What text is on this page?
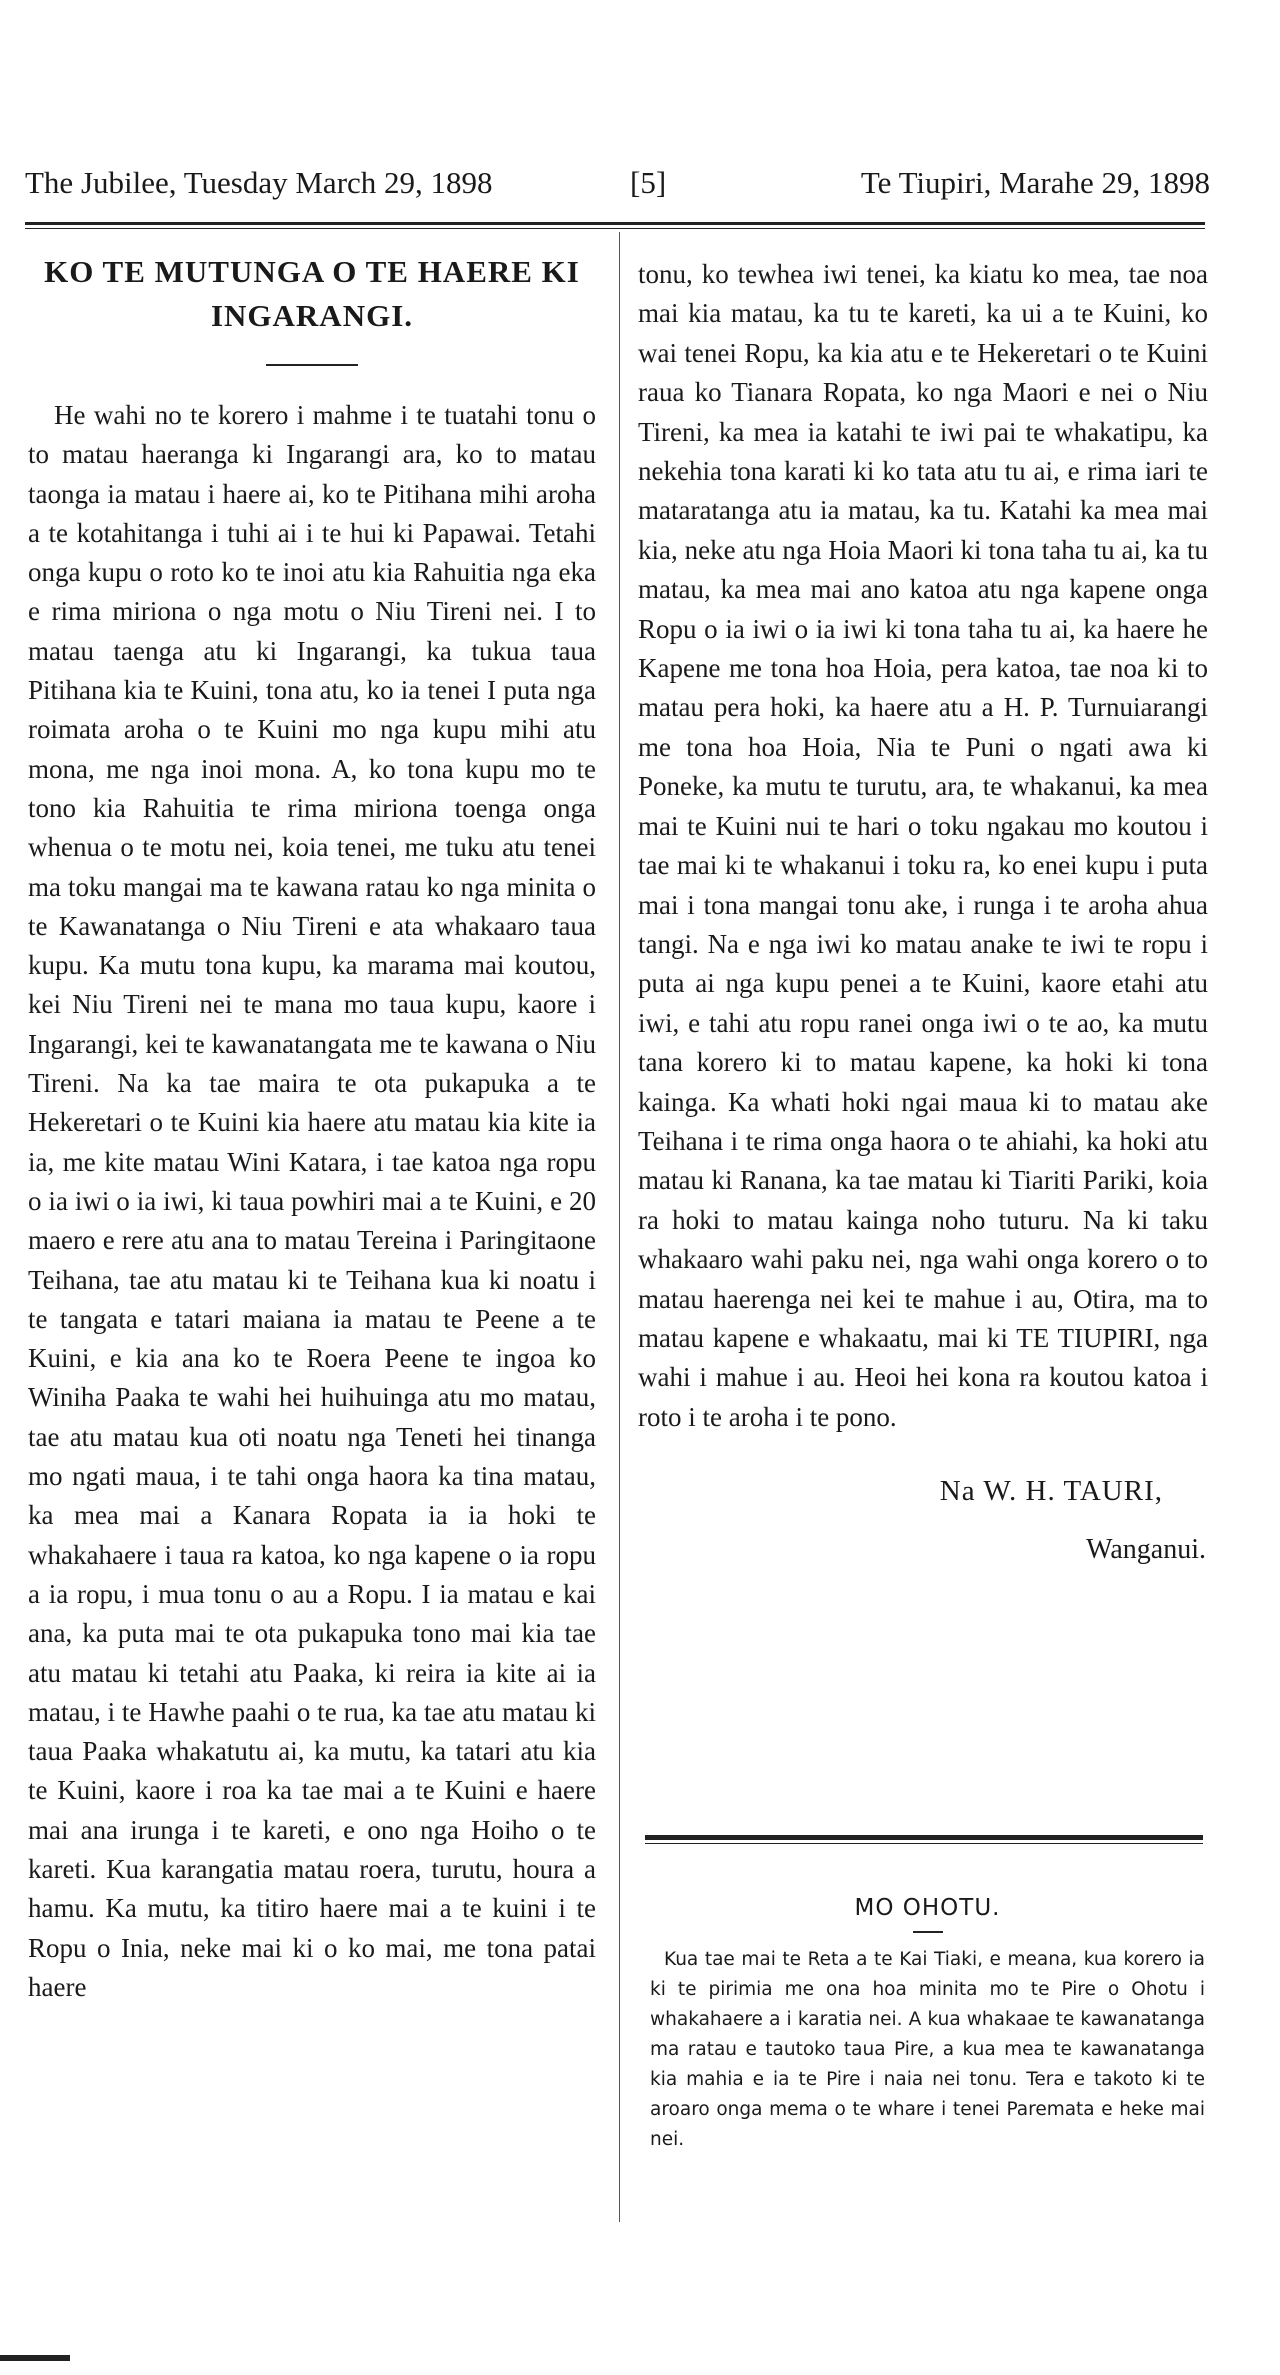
The Jubilee, Tuesday March 29, 1898	[5]	Te Tiupiri, Marahe 29, 1898
KO TE MUTUNGA O TE HAERE KI INGARANGI.

He wahi no te korero i mahme i te tuatahi tonu o to matau haeranga ki Ingarangi ara, ko to matau taonga ia matau i haere ai, ko te Pitihana mihi aroha a te kotahitanga i tuhi ai i te hui ki Papawai. Tetahi onga kupu o roto ko te inoi atu kia Rahuitia nga eka e rima miriona o nga motu o Niu Tireni nei. I to matau taenga atu ki Ingarangi, ka tukua taua Pitihana kia te Kuini, tona atu, ko ia tenei I puta nga roimata aroha o te Kuini mo nga kupu mihi atu mona, me nga inoi mona. A, ko tona kupu mo te tono kia Rahuitia te rima miriona toenga onga whenua o te motu nei, koia tenei, me tuku atu tenei ma toku mangai ma te kawana ratau ko nga minita o te Kawanatanga o Niu Tireni e ata whakaaro taua kupu. Ka mutu tona kupu, ka marama mai koutou, kei Niu Tireni nei te mana mo taua kupu, kaore i Ingarangi, kei te kawanatangata me te kawana o Niu Tireni. Na ka tae maira te ota pukapuka a te Hekeretari o te Kuini kia haere atu matau kia kite ia ia, me kite matau Wini Katara, i tae katoa nga ropu o ia iwi o ia iwi, ki taua powhiri mai a te Kuini, e 20 maero e rere atu ana to matau Tereina i Paringitaone Teihana, tae atu matau ki te Teihana kua ki noatu i te tangata e tatari maiana ia matau te Peene a te Kuini, e kia ana ko te Roera Peene te ingoa ko Winiha Paaka te wahi hei huihuinga atu mo matau, tae atu matau kua oti noatu nga Teneti hei tinanga mo ngati maua, i te tahi onga haora ka tina matau, ka mea mai a Kanara Ropata ia ia hoki te whakahaere i taua ra katoa, ko nga kapene o ia ropu a ia ropu, i mua tonu o au a Ropu. I ia matau e kai ana, ka puta mai te ota pukapuka tono mai kia tae atu matau ki tetahi atu Paaka, ki reira ia kite ai ia matau, i te Hawhe paahi o te rua, ka tae atu matau ki taua Paaka whakatutu ai, ka mutu, ka tatari atu kia te Kuini, kaore i roa ka tae mai a te Kuini e haere mai ana irunga i te kareti, e ono nga Hoiho o te kareti. Kua karangatia matau roera, turutu, houra a hamu. Ka mutu, ka titiro haere mai a te kuini i te Ropu o Inia, neke mai ki o ko mai, me tona patai haere

tonu, ko tewhea iwi tenei, ka kiatu ko mea, tae noa mai kia matau, ka tu te kareti, ka ui a te Kuini, ko wai tenei Ropu, ka kia atu e te Hekeretari o te Kuini raua ko Tianara Ropata, ko nga Maori e nei o Niu Tireni, ka mea ia katahi te iwi pai te whakatipu, ka nekehia tona karati ki ko tata atu tu ai, e rima iari te mataratanga atu ia matau, ka tu. Katahi ka mea mai kia, neke atu nga Hoia Maori ki tona taha tu ai, ka tu matau, ka mea mai ano katoa atu nga kapene onga Ropu o ia iwi o ia iwi ki tona taha tu ai, ka haere he Kapene me tona hoa Hoia, pera katoa, tae noa ki to matau pera hoki, ka haere atu a H. P. Turnuiarangi me tona hoa Hoia, Nia te Puni o ngati awa ki Poneke, ka mutu te turutu, ara, te whakanui, ka mea mai te Kuini nui te hari o toku ngakau mo koutou i tae mai ki te whakanui i toku ra, ko enei kupu i puta mai i tona mangai tonu ake, i runga i te aroha ahua tangi. Na e nga iwi ko matau anake te iwi te ropu i puta ai nga kupu penei a te Kuini, kaore etahi atu iwi, e tahi atu ropu ranei onga iwi o te ao, ka mutu tana korero ki to matau kapene, ka hoki ki tona kainga. Ka whati hoki ngai maua ki to matau ake Teihana i te rima onga haora o te ahiahi, ka hoki atu matau ki Ranana, ka tae matau ki Tiariti Pariki, koia ra hoki to matau kainga noho tuturu. Na ki taku whakaaro wahi paku nei, nga wahi onga korero o to matau haerenga nei kei te mahue i au, Otira, ma to matau kapene e whakaatu, mai ki TE TIUPIRI, nga wahi i mahue i au. Heoi hei kona ra koutou katoa i roto i te aroha i te pono.

Na W. H. TAURI,

Wanganui.

MO OHOTU.

Kua tae mai te Reta a te Kai Tiaki, e meana, kua korero ia ki te pirimia me ona hoa minita mo te Pire o Ohotu i whakahaere a i karatia nei. A kua whakaae te kawanatanga ma ratau e tautoko taua Pire, a kua mea te kawanatanga kia mahia e ia te Pire i naia nei tonu. Tera e takoto ki te aroaro onga mema o te whare i tenei Paremata e heke mai nei.
